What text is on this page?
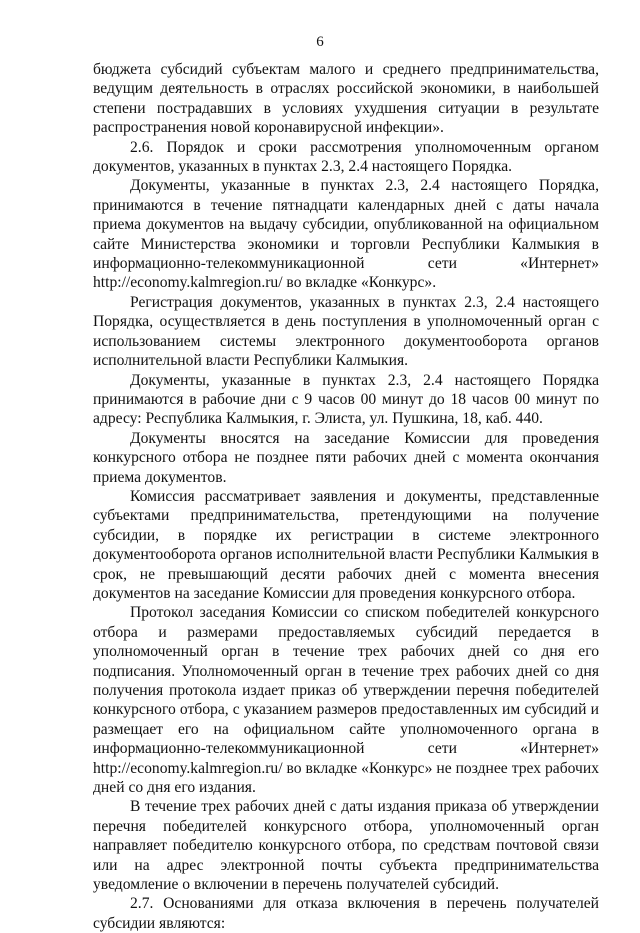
6

бюджета субсидий субъектам малого и среднего предпринимательства, ведущим деятельность в отраслях российской экономики, в наибольшей степени пострадавших в условиях ухудшения ситуации в результате распространения новой коронавирусной инфекции».

2.6. Порядок и сроки рассмотрения уполномоченным органом документов, указанных в пунктах 2.3, 2.4 настоящего Порядка.

Документы, указанные в пунктах 2.3, 2.4 настоящего Порядка, принимаются в течение пятнадцати календарных дней с даты начала приема документов на выдачу субсидии, опубликованной на официальном сайте Министерства экономики и торговли Республики Калмыкия в информационно-телекоммуникационной сети «Интернет» http://economy.kalmregion.ru/ во вкладке «Конкурс».

Регистрация документов, указанных в пунктах 2.3, 2.4 настоящего Порядка, осуществляется в день поступления в уполномоченный орган с использованием системы электронного документооборота органов исполнительной власти Республики Калмыкия.

Документы, указанные в пунктах 2.3, 2.4 настоящего Порядка принимаются в рабочие дни с 9 часов 00 минут до 18 часов 00 минут по адресу: Республика Калмыкия, г. Элиста, ул. Пушкина, 18, каб. 440.

Документы вносятся на заседание Комиссии для проведения конкурсного отбора не позднее пяти рабочих дней с момента окончания приема документов.

Комиссия рассматривает заявления и документы, представленные субъектами предпринимательства, претендующими на получение субсидии, в порядке их регистрации в системе электронного документооборота органов исполнительной власти Республики Калмыкия в срок, не превышающий десяти рабочих дней с момента внесения документов на заседание Комиссии для проведения конкурсного отбора.

Протокол заседания Комиссии со списком победителей конкурсного отбора и размерами предоставляемых субсидий передается в уполномоченный орган в течение трех рабочих дней со дня его подписания. Уполномоченный орган в течение трех рабочих дней со дня получения протокола издает приказ об утверждении перечня победителей конкурсного отбора, с указанием размеров предоставленных им субсидий и размещает его на официальном сайте уполномоченного органа в информационно-телекоммуникационной сети «Интернет» http://economy.kalmregion.ru/ во вкладке «Конкурс» не позднее трех рабочих дней со дня его издания.

В течение трех рабочих дней с даты издания приказа об утверждении перечня победителей конкурсного отбора, уполномоченный орган направляет победителю конкурсного отбора, по средствам почтовой связи или на адрес электронной почты субъекта предпринимательства уведомление о включении в перечень получателей субсидий.

2.7. Основаниями для отказа включения в перечень получателей субсидии являются:
